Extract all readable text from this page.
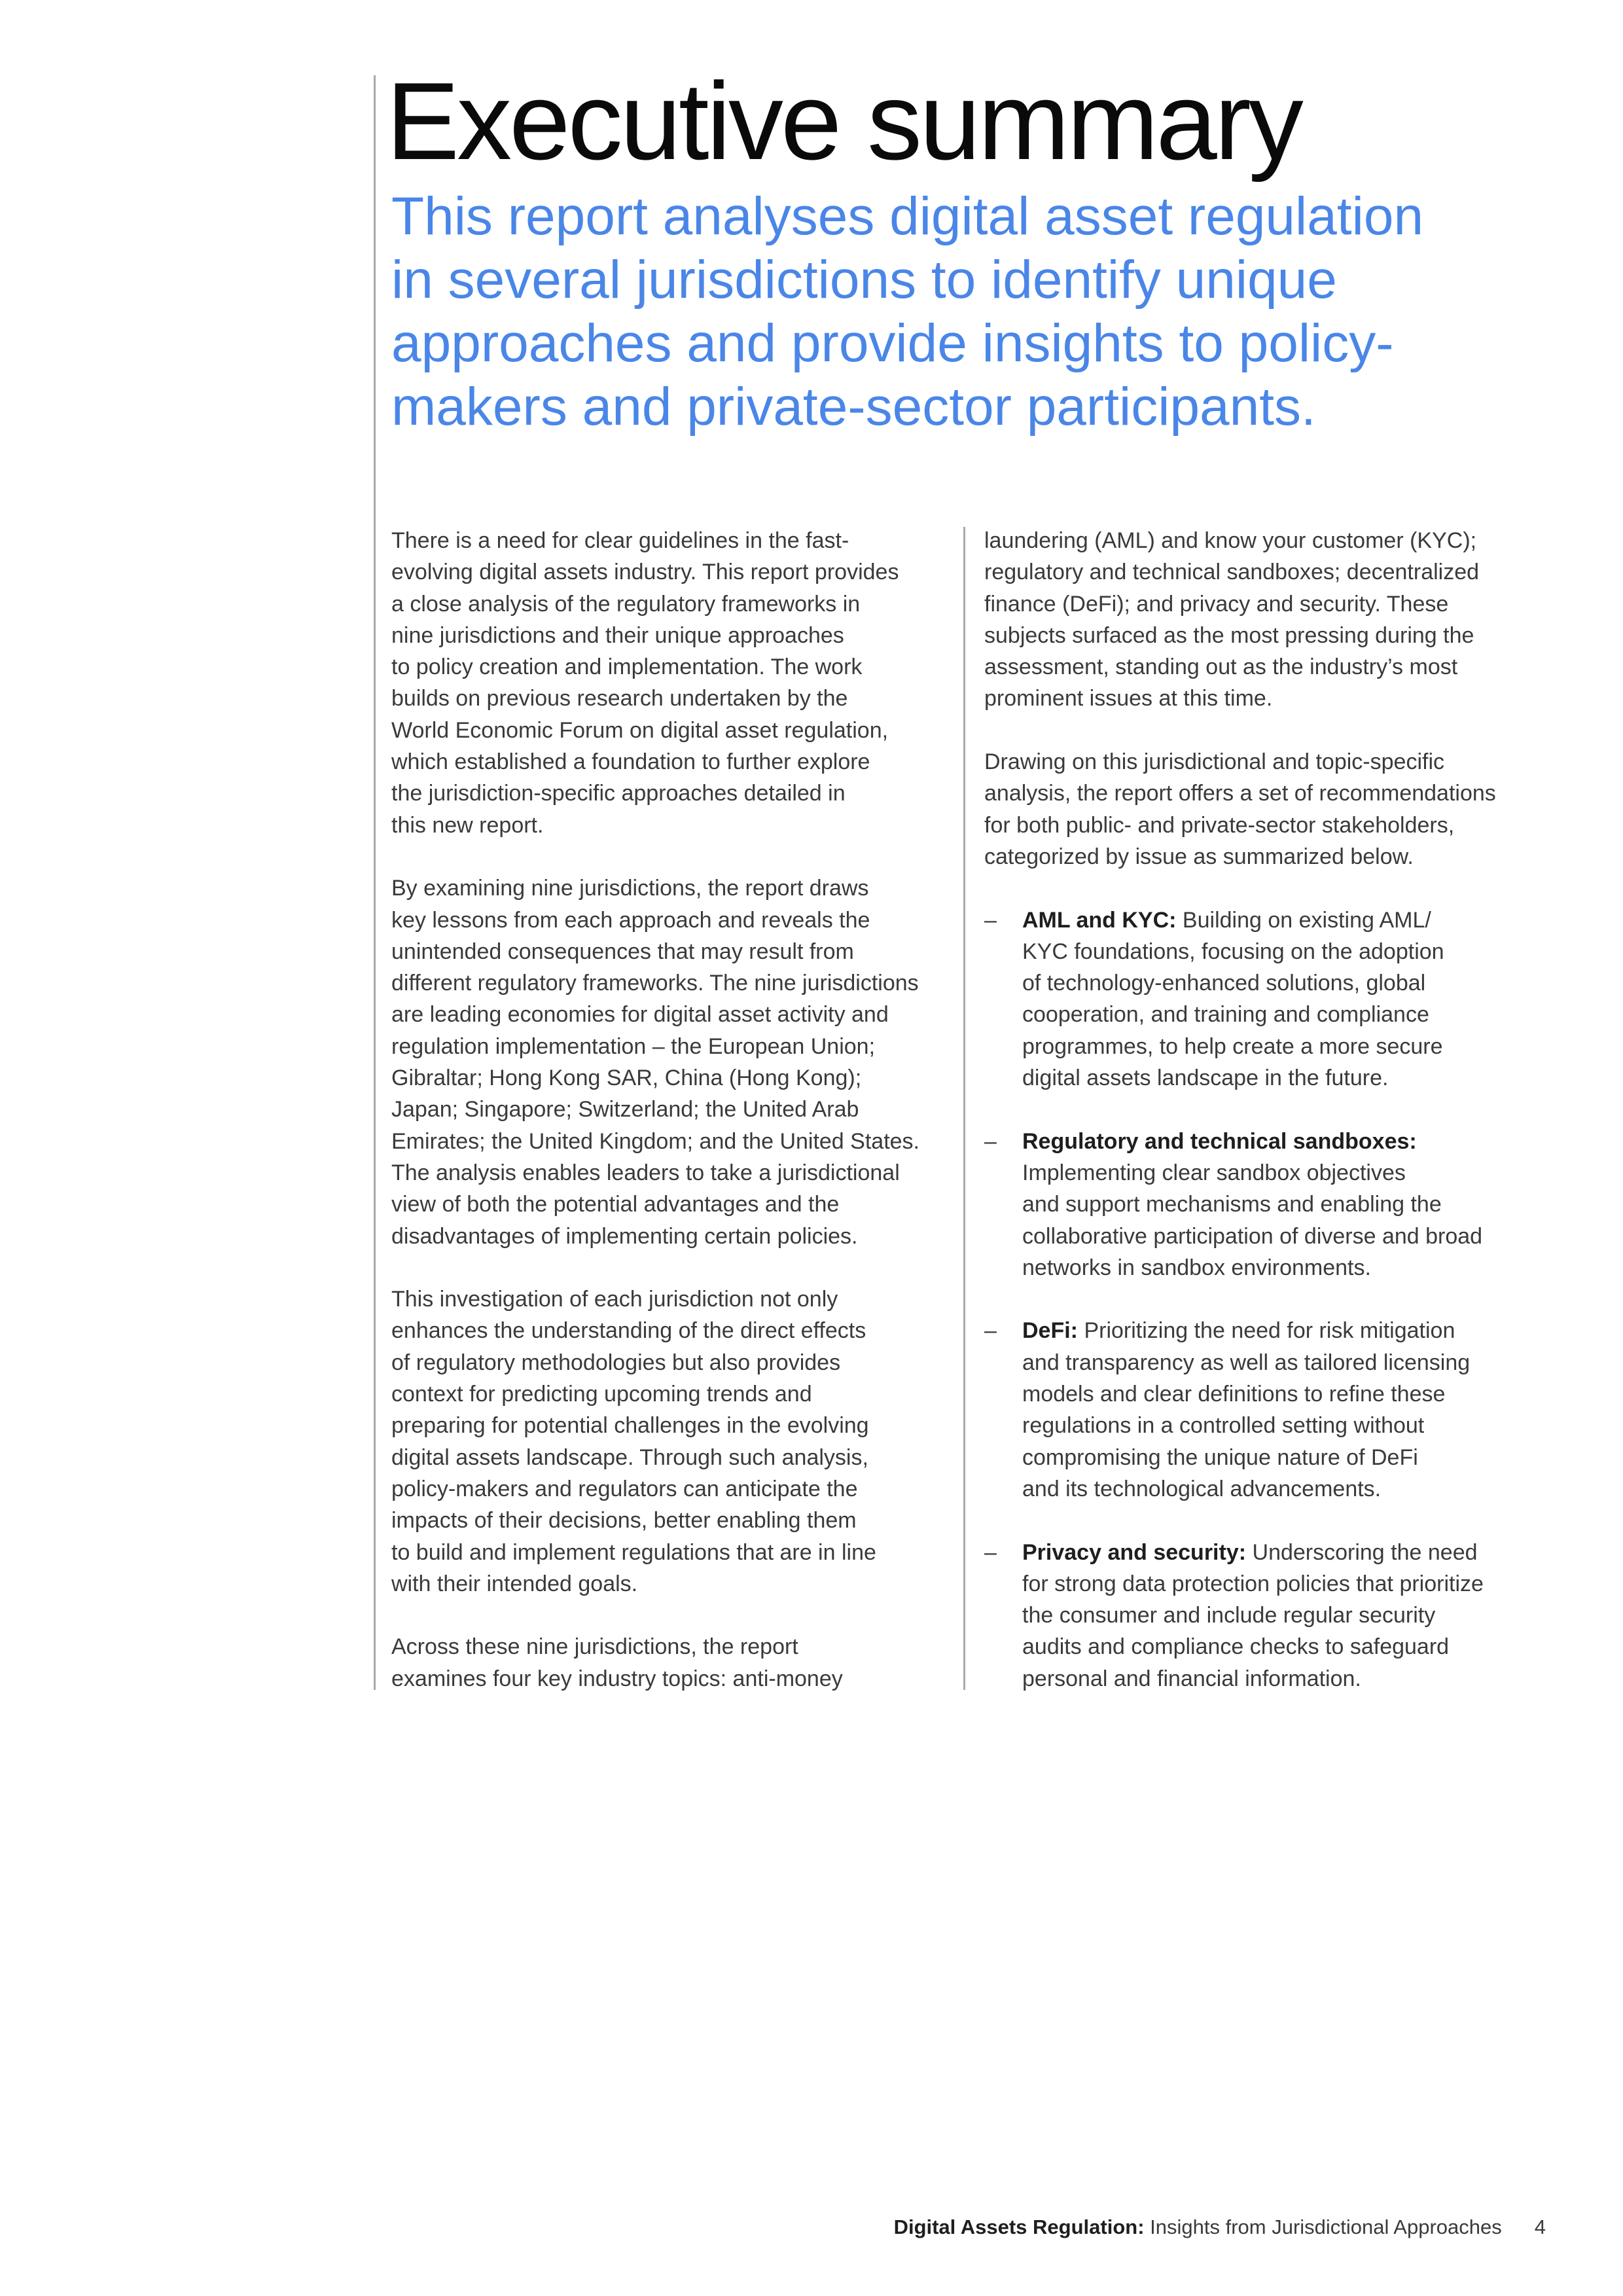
Executive summary
This report analyses digital asset regulation
in several jurisdictions to identify unique
approaches and provide insights to policy-
makers and private-sector participants.
There is a need for clear guidelines in the fast-
evolving digital assets industry. This report provides
a close analysis of the regulatory frameworks in
nine jurisdictions and their unique approaches
to policy creation and implementation. The work
builds on previous research undertaken by the
World Economic Forum on digital asset regulation,
which established a foundation to further explore
the jurisdiction-specific approaches detailed in
this new report.
By examining nine jurisdictions, the report draws
key lessons from each approach and reveals the
unintended consequences that may result from
different regulatory frameworks. The nine jurisdictions
are leading economies for digital asset activity and
regulation implementation – the European Union;
Gibraltar; Hong Kong SAR, China (Hong Kong);
Japan; Singapore; Switzerland; the United Arab
Emirates; the United Kingdom; and the United States.
The analysis enables leaders to take a jurisdictional
view of both the potential advantages and the
disadvantages of implementing certain policies.
This investigation of each jurisdiction not only
enhances the understanding of the direct effects
of regulatory methodologies but also provides
context for predicting upcoming trends and
preparing for potential challenges in the evolving
digital assets landscape. Through such analysis,
policy-makers and regulators can anticipate the
impacts of their decisions, better enabling them
to build and implement regulations that are in line
with their intended goals.
Across these nine jurisdictions, the report
examines four key industry topics: anti-money
laundering (AML) and know your customer (KYC);
regulatory and technical sandboxes; decentralized
finance (DeFi); and privacy and security. These
subjects surfaced as the most pressing during the
assessment, standing out as the industry’s most
prominent issues at this time.
Drawing on this jurisdictional and topic-specific
analysis, the report offers a set of recommendations
for both public- and private-sector stakeholders,
categorized by issue as summarized below.
– AML and KYC: Building on existing AML/
KYC foundations, focusing on the adoption
of technology-enhanced solutions, global
cooperation, and training and compliance
programmes, to help create a more secure
digital assets landscape in the future.
– Regulatory and technical sandboxes:
Implementing clear sandbox objectives
and support mechanisms and enabling the
collaborative participation of diverse and broad
networks in sandbox environments.
– DeFi: Prioritizing the need for risk mitigation
and transparency as well as tailored licensing
models and clear definitions to refine these
regulations in a controlled setting without
compromising the unique nature of DeFi
and its technological advancements.
– Privacy and security: Underscoring the need
for strong data protection policies that prioritize
the consumer and include regular security
audits and compliance checks to safeguard
personal and financial information.
Digital Assets Regulation: Insights from Jurisdictional Approaches 4
